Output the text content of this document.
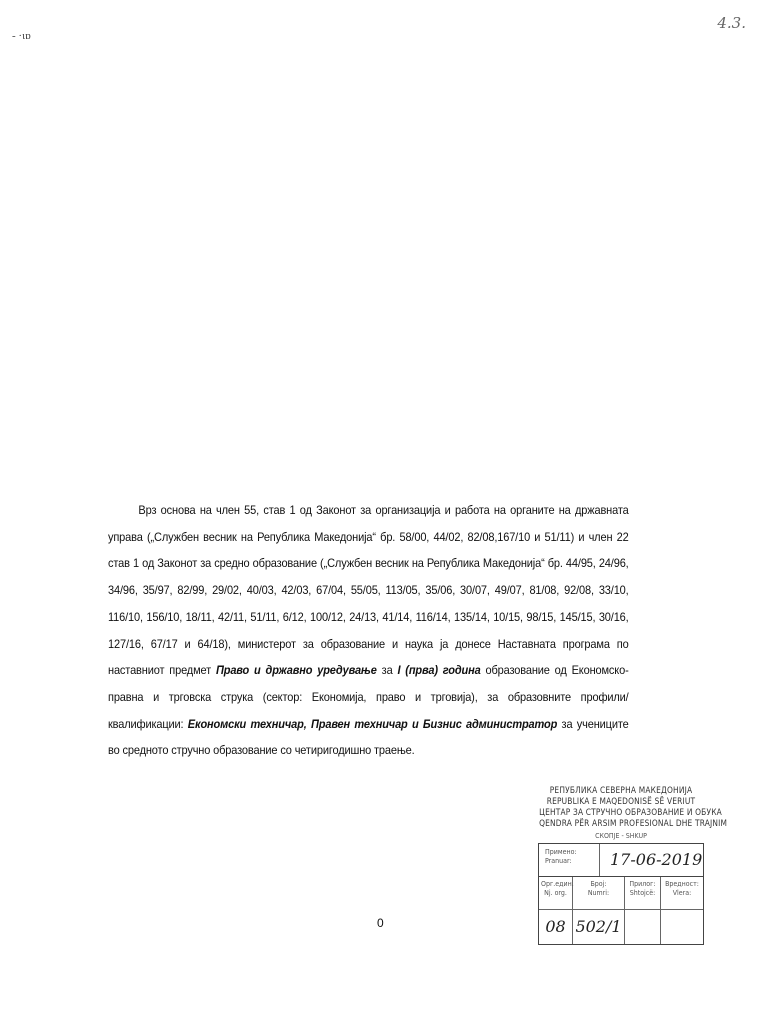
- ·ɩɒ
4.3.

Врз основа на член 55, став 1 од Законот за организација и работа на органите на државната управа („Службен весник на Република Македонија“ бр. 58/00, 44/02, 82/08,167/10 и 51/11) и член 22 став 1 од Законот за средно образование („Службен весник на Република Македонија“ бр. 44/95, 24/96, 34/96, 35/97, 82/99, 29/02, 40/03, 42/03, 67/04, 55/05, 113/05, 35/06, 30/07, 49/07, 81/08, 92/08, 33/10, 116/10, 156/10, 18/11, 42/11, 51/11, 6/12, 100/12, 24/13, 41/14, 116/14, 135/14, 10/15, 98/15, 145/15, 30/16, 127/16, 67/17 и 64/18), министерот за образование и наука ја донесе Наставната програма по наставниот предмет Право и државно уредување за I (прва) година образование од Економско-правна и трговска струка (сектор: Економија, право и трговија), за образовните профили/квалификации: Економски техничар, Правен техничар и Бизнис администратор за учениците во средното стручно образование со четиригодишно траење.

0
РЕПУБЛИКА СЕВЕРНА МАКЕДОНИЈА
REPUBLIKA E MAQEDONISË SË VERIUT
ЦЕНТАР ЗА СТРУЧНО ОБРАЗОВАНИЕ И ОБУКА
QENDRA PËR ARSIM PROFESIONAL DHE TRAJNIM
СКОПЈЕ - SHKUP
Примено:
Pranuar:	17-06-2019
Орг.един.
Nj. org.
Број:
Numri:
Прилог:
Shtojcë:
Вредност:
Vlera:
08 502/1
